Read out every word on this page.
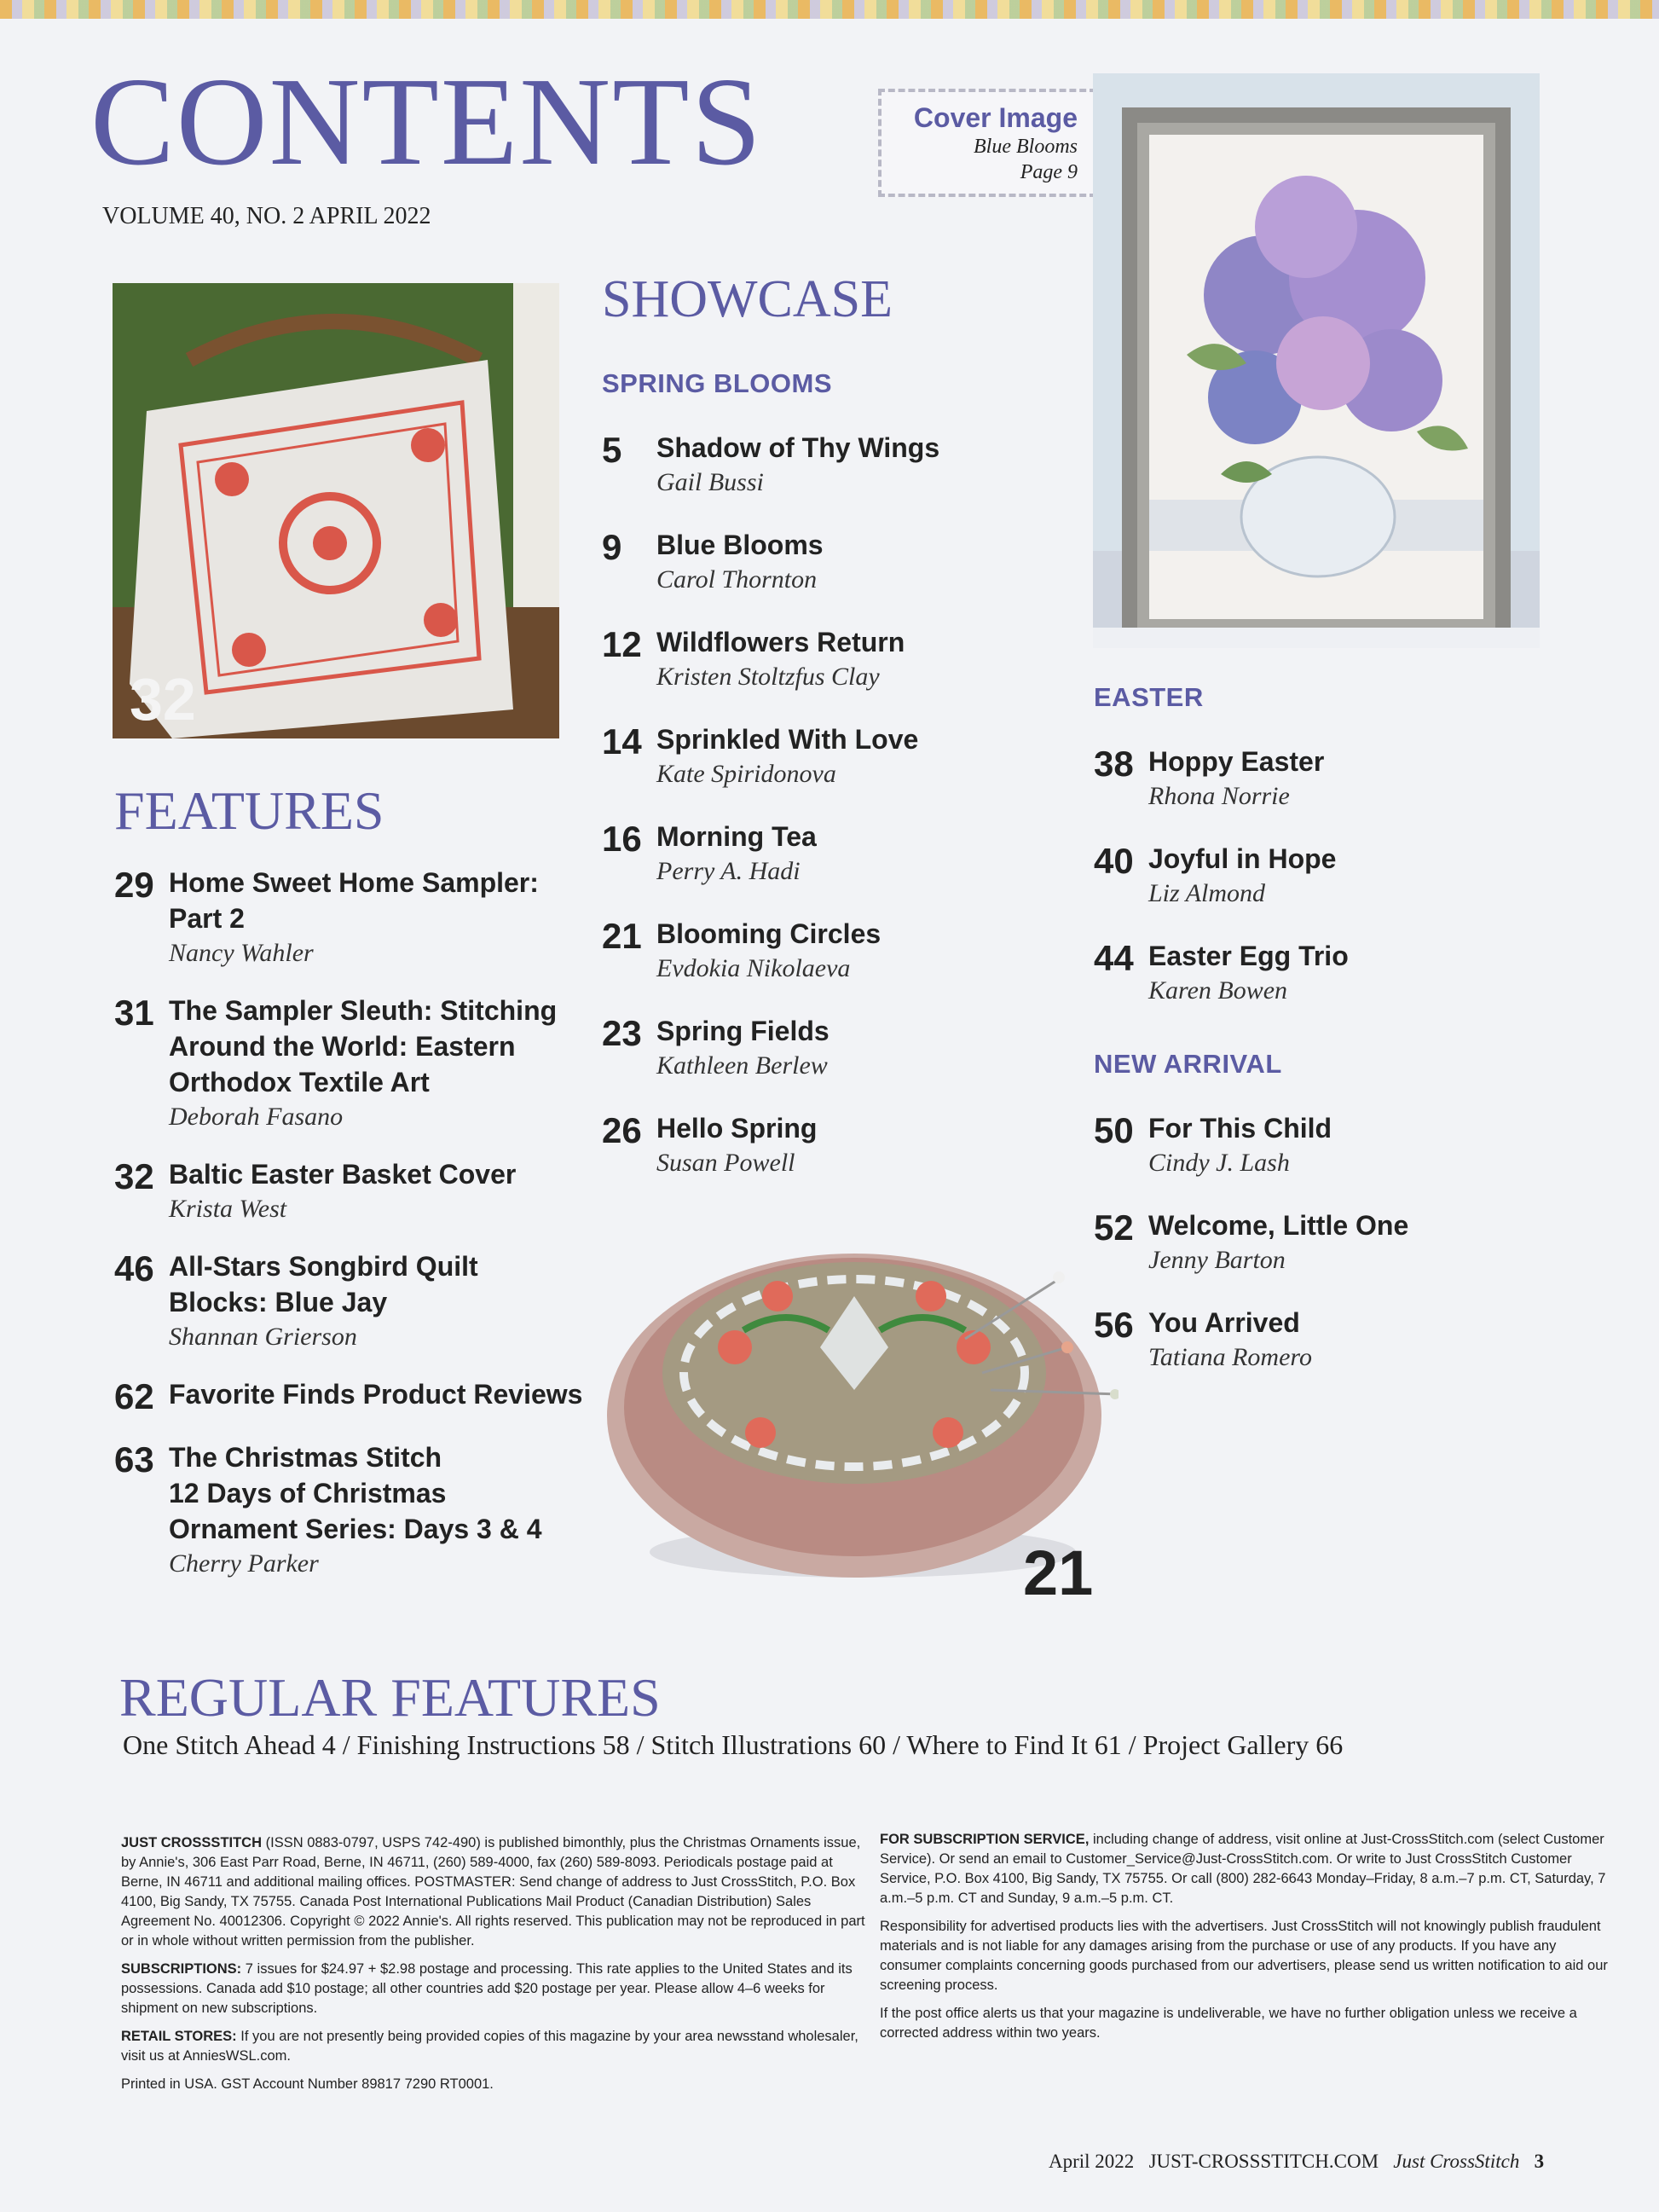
CONTENTS
VOLUME 40, NO. 2 APRIL 2022
Cover Image
Blue Blooms
Page 9
32
21
SHOWCASE
SPRING BLOOMS
5	Shadow of Thy Wings
Gail Bussi
9	Blue Blooms
Carol Thornton
12 Wildflowers Return
Kristen Stoltzfus Clay
14 Sprinkled With Love
Kate Spiridonova
16 Morning Tea
Perry A. Hadi
21 Blooming Circles
Evdokia Nikolaeva
23 Spring Fields
Kathleen Berlew
26 Hello Spring
Susan Powell
EASTER
38 Hoppy Easter
Rhona Norrie
40 Joyful in Hope
Liz Almond
44 Easter Egg Trio
Karen Bowen
NEW ARRIVAL
50 For This Child
Cindy J. Lash
52 Welcome, Little One
Jenny Barton
56 You Arrived
Tatiana Romero
FEATURES
29 Home Sweet Home Sampler:
Part 2
Nancy Wahler
31 The Sampler Sleuth: Stitching
Around the World: Eastern
Orthodox Textile Art
Deborah Fasano
32 Baltic Easter Basket Cover
Krista West
46 All-Stars Songbird Quilt
Blocks: Blue Jay
Shannan Grierson
62 Favorite Finds Product Reviews
63 The Christmas Stitch
12 Days of Christmas
Ornament Series: Days 3 & 4
Cherry Parker
REGULAR FEATURES
One Stitch Ahead 4 / Finishing Instructions 58 / Stitch Illustrations 60 / Where to Find It 61 / Project Gallery 66

JUST CROSSSTITCH (ISSN 0883-0797, USPS 742-490) is published bimonthly, plus the Christmas Ornaments issue, by Annie's, 306 East Parr Road, Berne, IN 46711, (260) 589-4000, fax (260) 589-8093. Periodicals postage paid at Berne, IN 46711 and additional mailing offices. POSTMASTER: Send change of address to Just CrossStitch, P.O. Box 4100, Big Sandy, TX 75755. Canada Post International Publications Mail Product (Canadian Distribution) Sales Agreement No. 40012306. Copyright © 2022 Annie's. All rights reserved. This publication may not be reproduced in part or in whole without written permission from the publisher.

SUBSCRIPTIONS: 7 issues for $24.97 + $2.98 postage and processing. This rate applies to the United States and its possessions. Canada add $10 postage; all other countries add $20 postage per year. Please allow 4–6 weeks for shipment on new subscriptions.

RETAIL STORES: If you are not presently being provided copies of this magazine by your area newsstand wholesaler, visit us at AnniesWSL.com.

Printed in USA. GST Account Number 89817 7290 RT0001.

FOR SUBSCRIPTION SERVICE, including change of address, visit online at Just-CrossStitch.com (select Customer Service). Or send an email to Customer_Service@Just-CrossStitch.com. Or write to Just CrossStitch Customer Service, P.O. Box 4100, Big Sandy, TX 75755. Or call (800) 282-6643 Monday–Friday, 8 a.m.–7 p.m. CT, Saturday, 7 a.m.–5 p.m. CT and Sunday, 9 a.m.–5 p.m. CT.

Responsibility for advertised products lies with the advertisers. Just CrossStitch will not knowingly publish fraudulent materials and is not liable for any damages arising from the purchase or use of any products. If you have any consumer complaints concerning goods purchased from our advertisers, please send us written notification to aid our screening process.

If the post office alerts us that your magazine is undeliverable, we have no further obligation unless we receive a corrected address within two years.

April 2022 JUST-CROSSSTITCH.COM Just CrossStitch 3
